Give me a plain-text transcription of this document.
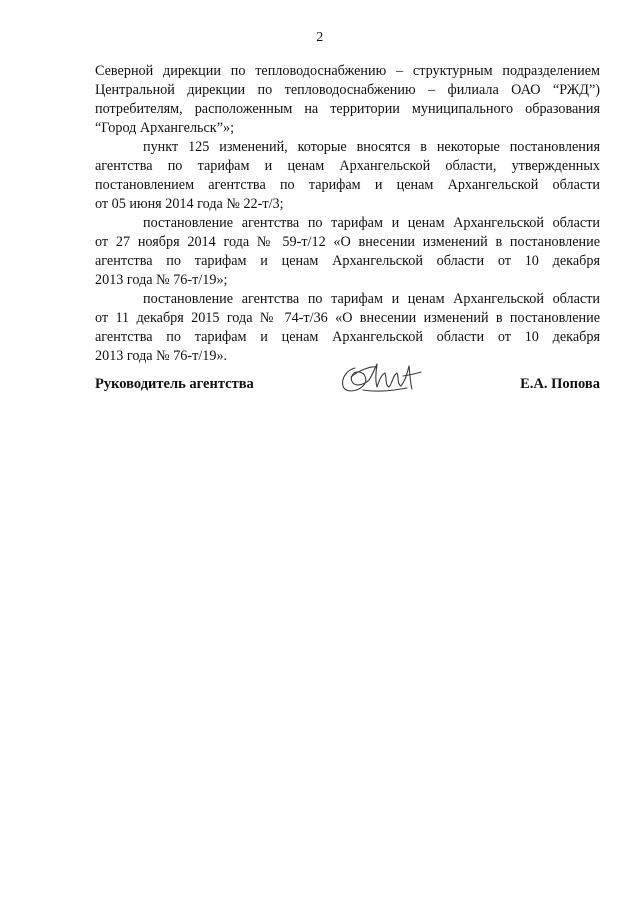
2
Северной дирекции по тепловодоснабжению – структурным подразделением
Центральной дирекции по тепловодоснабжению – филиала ОАО “РЖД”)
потребителям, расположенным на территории муниципального образования
“Город Архангельск”»;
пункт 125 изменений, которые вносятся в некоторые постановления
агентства по тарифам и ценам Архангельской области, утвержденных
постановлением агентства по тарифам и ценам Архангельской области
от 05 июня 2014 года № 22-т/3;
постановление агентства по тарифам и ценам Архангельской области
от 27 ноября 2014 года № 59-т/12 «О внесении изменений в постановление
агентства по тарифам и ценам Архангельской области от 10 декабря
2013 года № 76-т/19»;
постановление агентства по тарифам и ценам Архангельской области
от 11 декабря 2015 года № 74-т/36 «О внесении изменений в постановление
агентства по тарифам и ценам Архангельской области от 10 декабря
2013 года № 76-т/19».
Руководитель агентства	Е.А. Попова
